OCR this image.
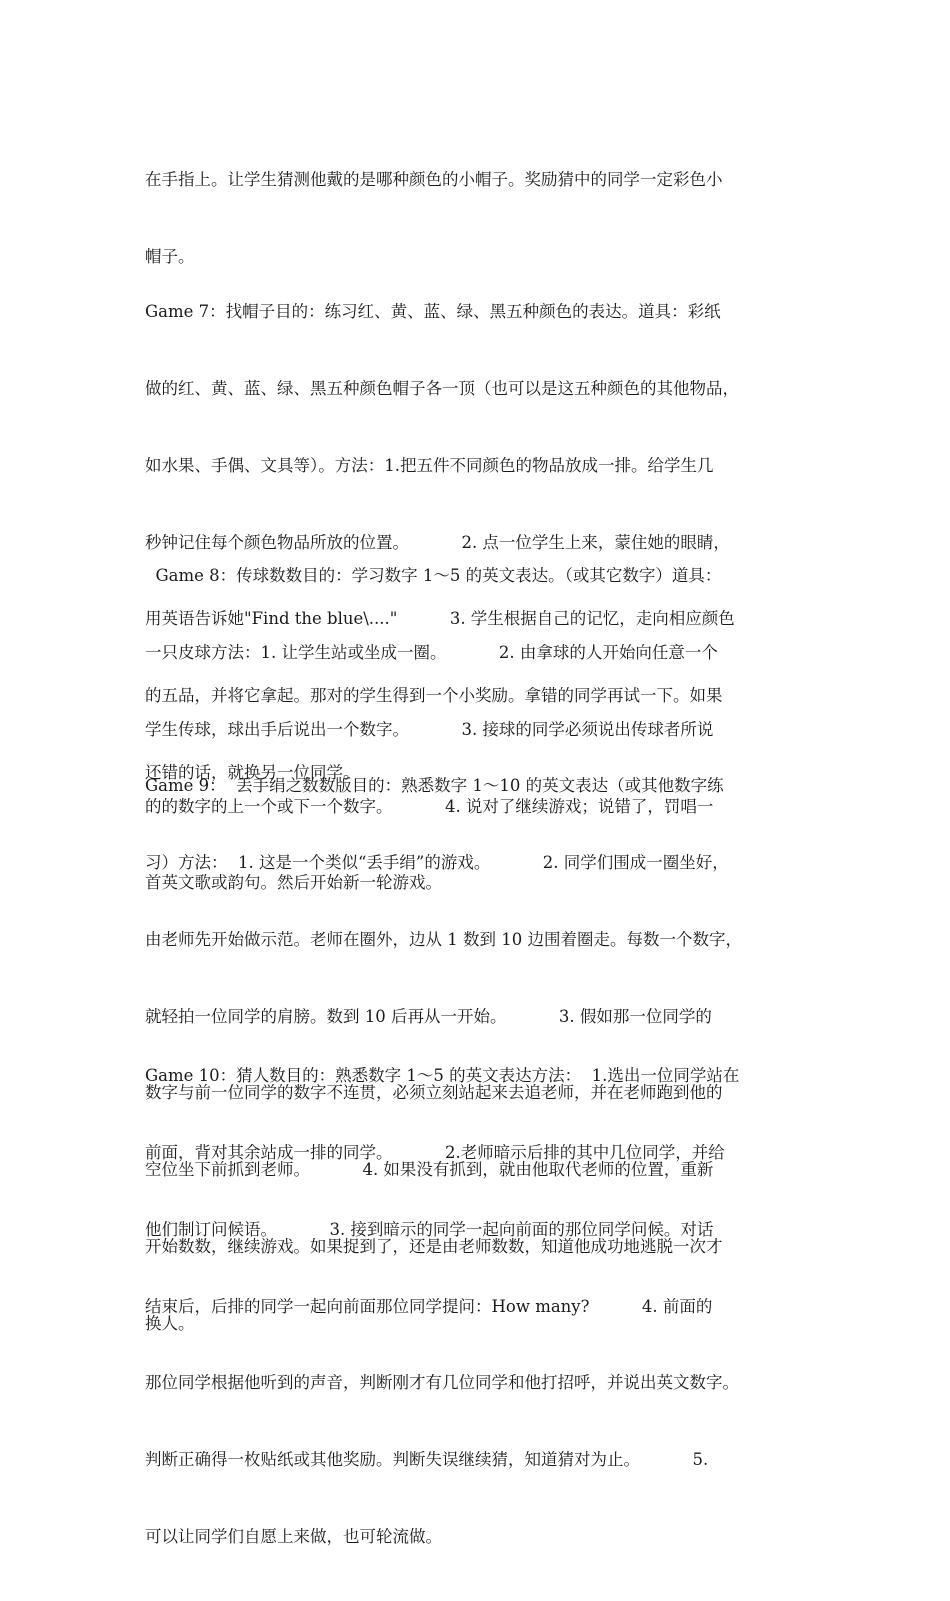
在手指上。让学生猜测他戴的是哪种颜色的小帽子。奖励猜中的同学一定彩色小

帽子。

Game 7：找帽子目的：练习红、黄、蓝、绿、黑五种颜色的表达。道具：彩纸

做的红、黄、蓝、绿、黑五种颜色帽子各一顶（也可以是这五种颜色的其他物品，

如水果、手偶、文具等）。方法：1.把五件不同颜色的物品放成一排。给学生几

秒钟记住每个颜色物品所放的位置。          2. 点一位学生上来，蒙住她的眼睛，

用英语告诉她"Find the blue\...."          3. 学生根据自己的记忆，走向相应颜色

的五品，并将它拿起。那对的学生得到一个小奖励。拿错的同学再试一下。如果

还错的话，就换另一位同学。

Game 8：传球数数目的：学习数字 1～5 的英文表达。（或其它数字）道具：

一只皮球方法：1. 让学生站或坐成一圈。          2. 由拿球的人开始向任意一个

学生传球，球出手后说出一个数字。          3. 接球的同学必须说出传球者所说

的的数字的上一个或下一个数字。          4. 说对了继续游戏；说错了，罚唱一

首英文歌或韵句。然后开始新一轮游戏。

Game 9：  丢手绢之数数版目的：熟悉数字 1～10 的英文表达（或其他数字练

习）方法：  1. 这是一个类似“丢手绢”的游戏。          2. 同学们围成一圈坐好，

由老师先开始做示范。老师在圈外，边从 1 数到 10 边围着圈走。每数一个数字，

就轻拍一位同学的肩膀。数到 10 后再从一开始。          3. 假如那一位同学的

数字与前一位同学的数字不连贯，必须立刻站起来去追老师，并在老师跑到他的

空位坐下前抓到老师。          4. 如果没有抓到，就由他取代老师的位置，重新

开始数数，继续游戏。如果捉到了，还是由老师数数，知道他成功地逃脱一次才

换人。

Game 10：猜人数目的：熟悉数字 1～5 的英文表达方法：  1.选出一位同学站在

前面，背对其余站成一排的同学。          2.老师暗示后排的其中几位同学，并给

他们制订问候语。          3. 接到暗示的同学一起向前面的那位同学问候。对话

结束后，后排的同学一起向前面那位同学提问：How many?          4. 前面的

那位同学根据他听到的声音，判断刚才有几位同学和他打招呼，并说出英文数字。

判断正确得一枚贴纸或其他奖励。判断失误继续猜，知道猜对为止。          5.

可以让同学们自愿上来做，也可轮流做。
